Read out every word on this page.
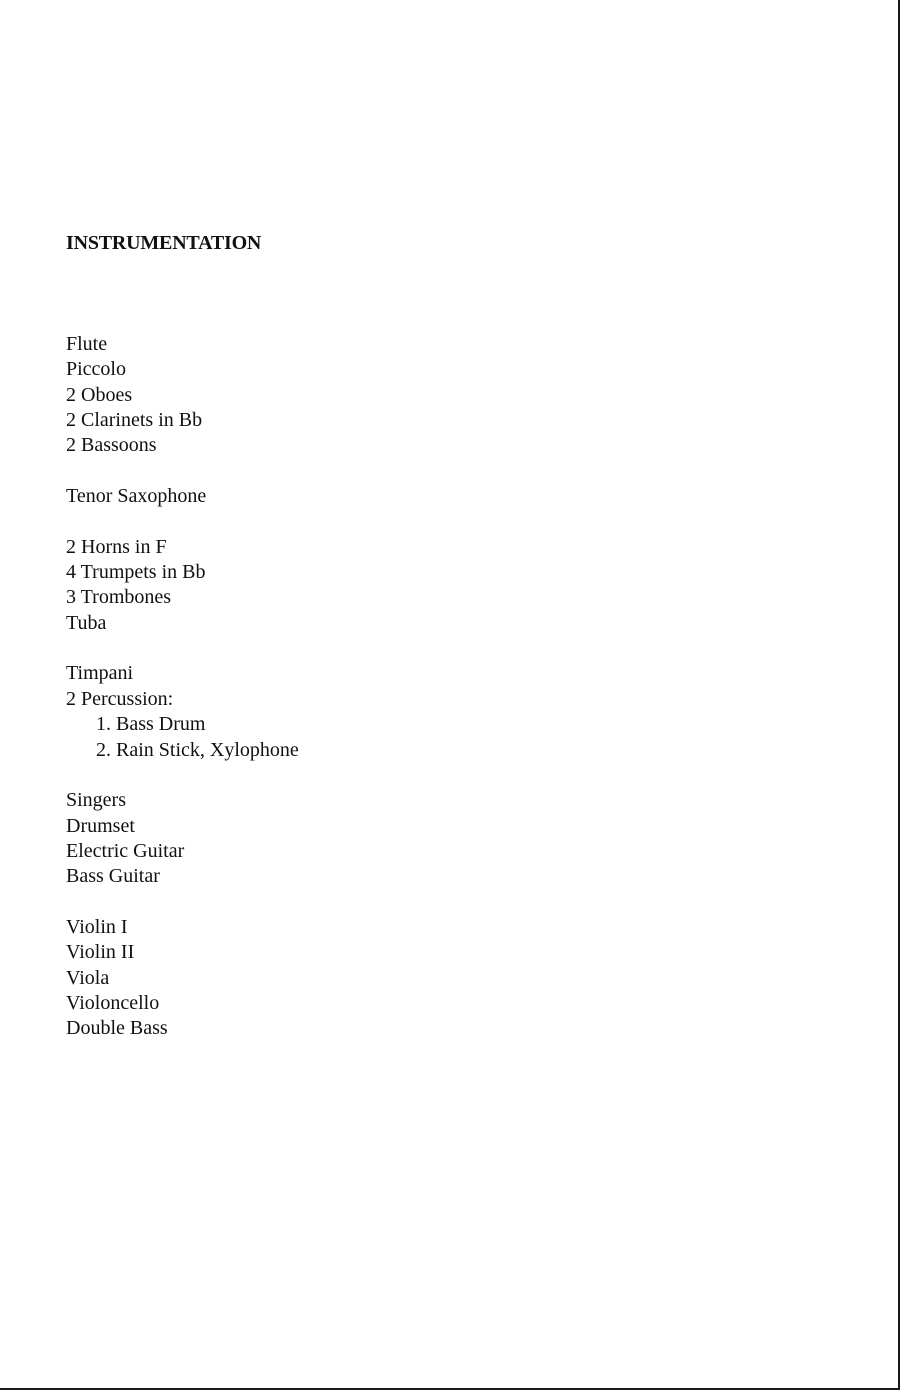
INSTRUMENTATION
Flute
Piccolo
2 Oboes
2 Clarinets in Bb
2 Bassoons
Tenor Saxophone
2 Horns in F
4 Trumpets in Bb
3 Trombones
Tuba
Timpani
2 Percussion:
1. Bass Drum
2. Rain Stick, Xylophone
Singers
Drumset
Electric Guitar
Bass Guitar
Violin I
Violin II
Viola
Violoncello
Double Bass
